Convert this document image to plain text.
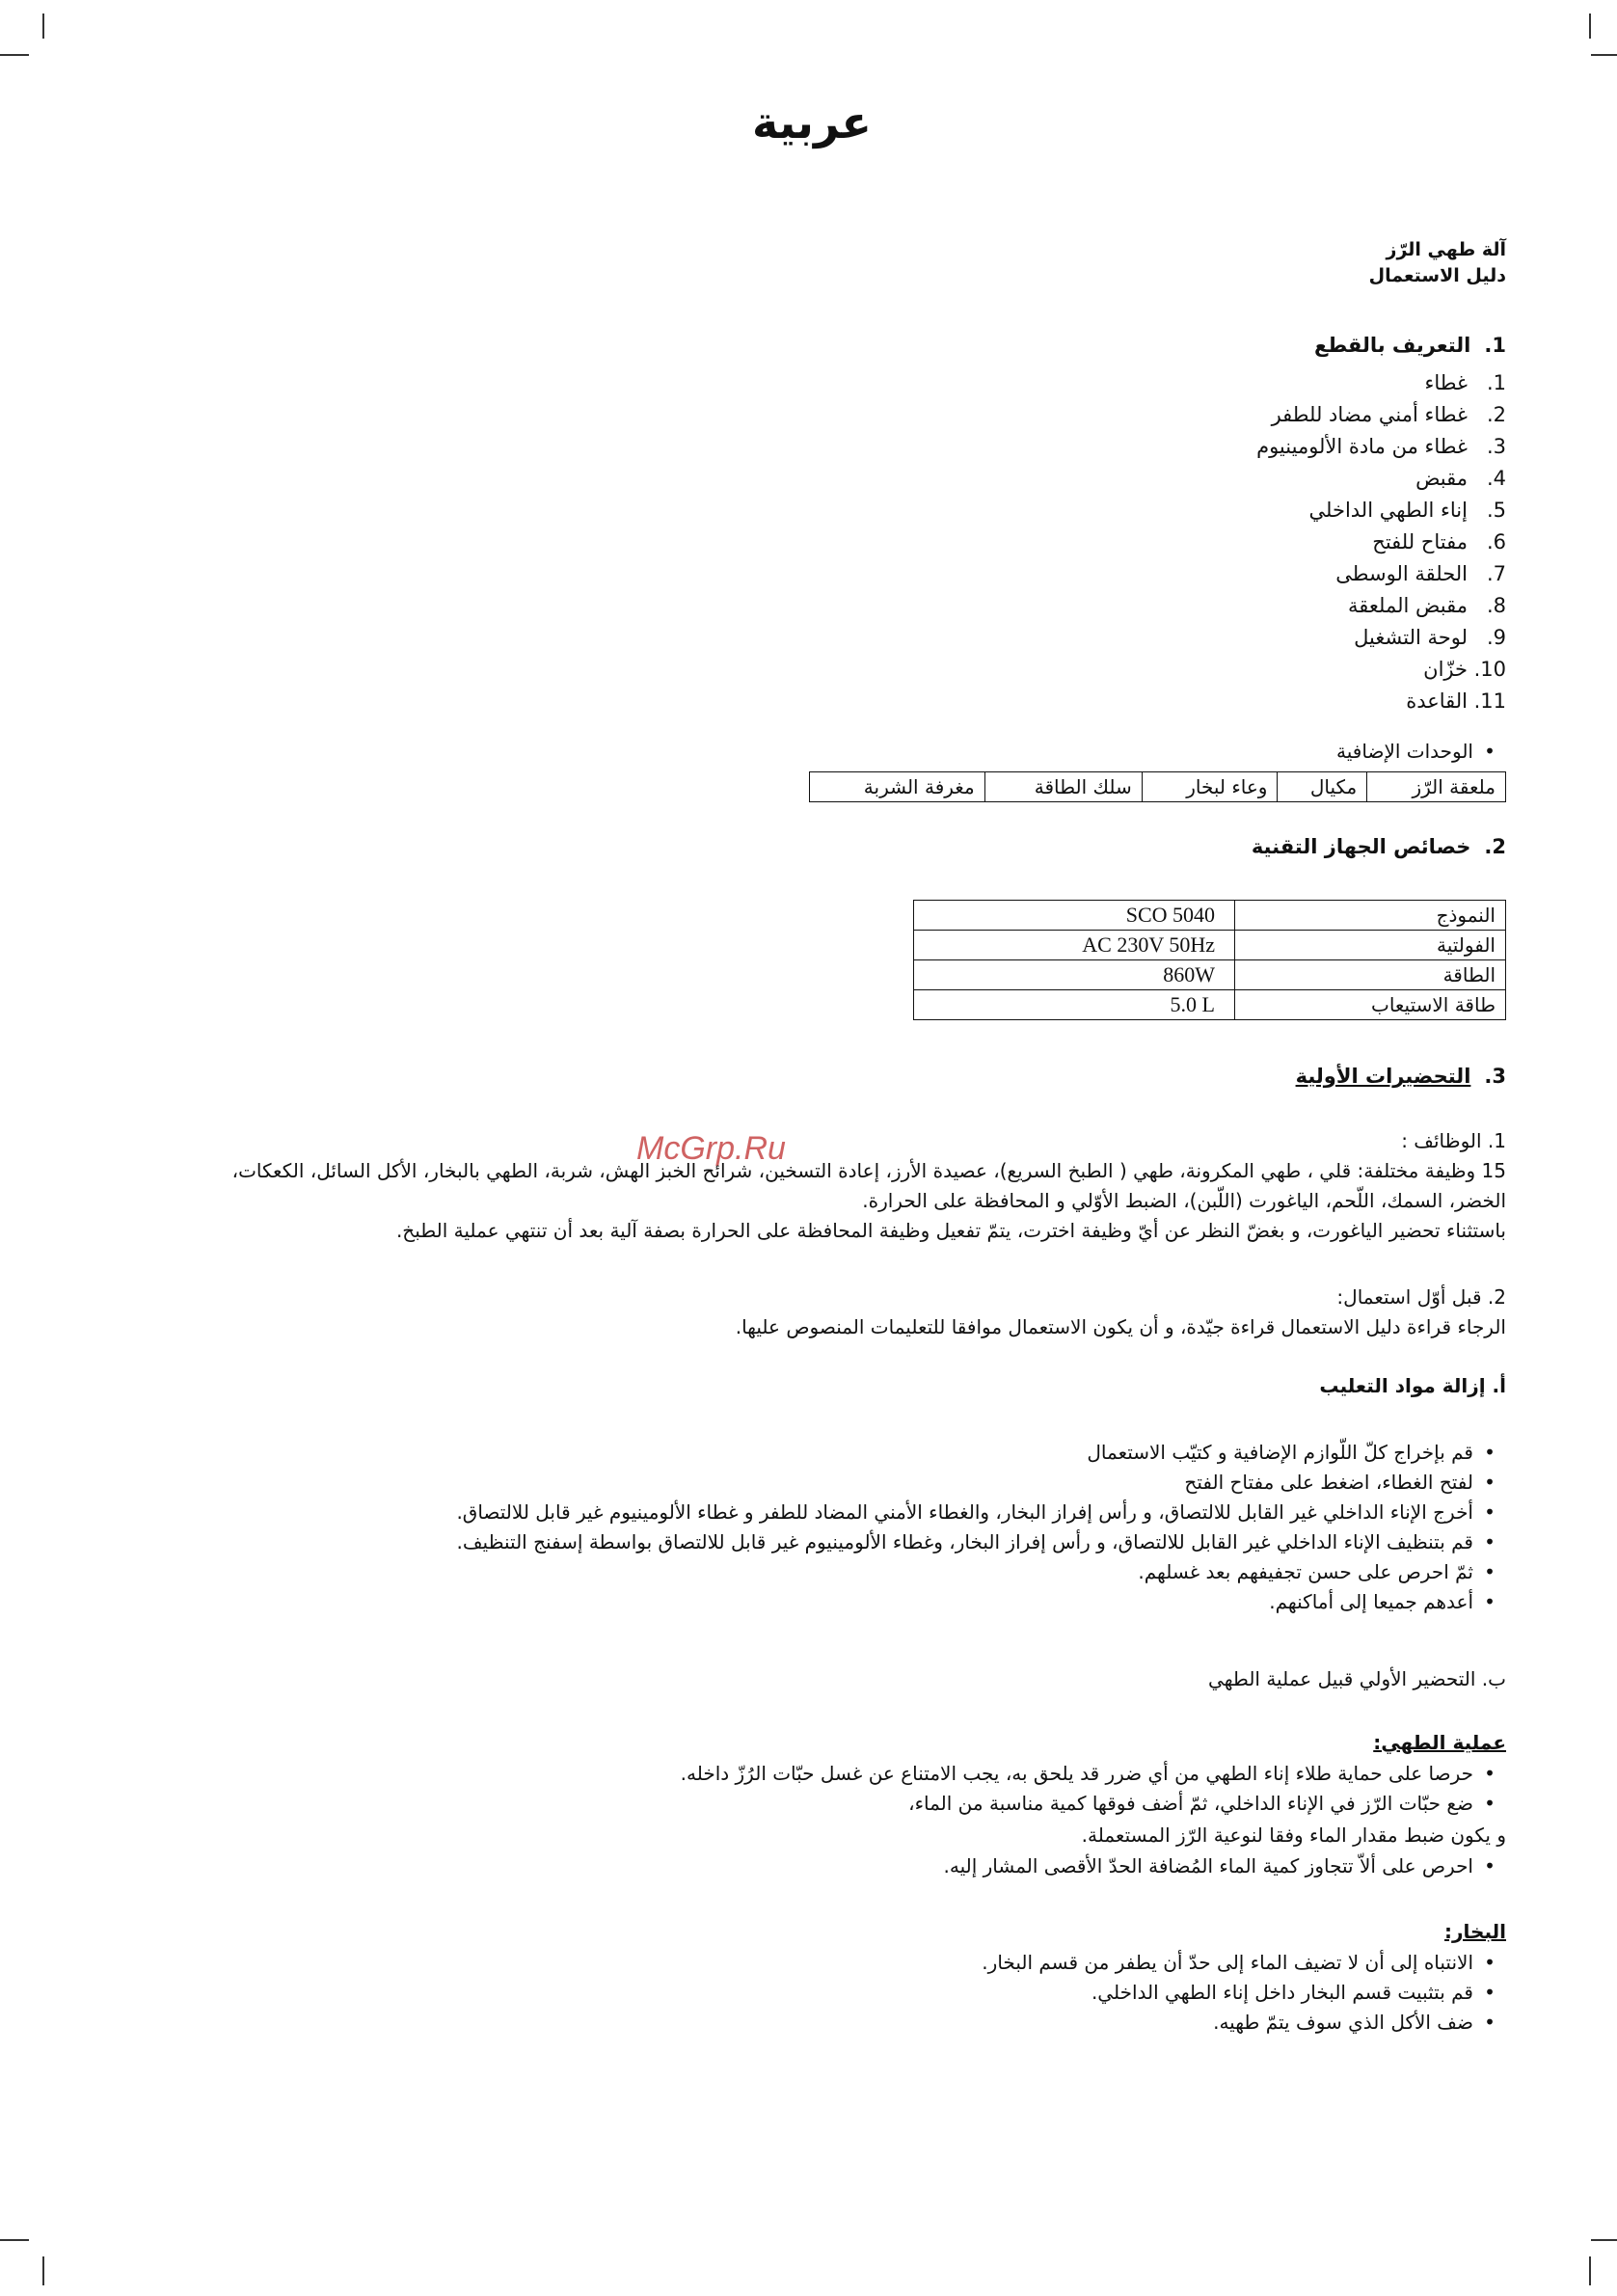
عربية
آلة طهي الرّز
دليل الاستعمال
1.التعريف بالقطع
1.
غطاء
2.
غطاء أمني مضاد للطفر
3.
غطاء من مادة الألومينيوم
4.
مقبض
5.
إناء الطهي الداخلي
6.
مفتاح للفتح
7.
الحلقة الوسطى
8.
مقبض الملعقة
9.
لوحة التشغيل
10.
خزّان
11.
القاعدة
• الوحدات الإضافية
ملعقة الرّز	مكيال	وعاء لبخار	سلك الطاقة	مغرفة الشربة
2.خصائص الجهاز التقنية
النموذج	SCO 5040
الفولتية	AC 230V 50Hz
الطاقة	860W
طاقة الاستيعاب	5.0 L
3.التحضيرات الأولية
McGrp.Ru	1. الوظائف :
15 وظيفة مختلفة: قلي ، طهي المكرونة، طهي ( الطبخ السريع)، عصيدة الأرز، إعادة التسخين، شرائح الخبز الهش، شربة، الطهي بالبخار، الأكل السائل، الكعكات،
الخضر، السمك، اللّحم، الياغورت (اللّبن)، الضبط الأوّلي و المحافظة على الحرارة.
باستثناء تحضير الياغورت، و بغضّ النظر عن أيّ وظيفة اخترت، يتمّ تفعيل وظيفة المحافظة على الحرارة بصفة آلية بعد أن تنتهي عملية الطبخ.
2. قبل أوّل استعمال:
الرجاء قراءة دليل الاستعمال قراءة جيّدة، و أن يكون الاستعمال موافقا للتعليمات المنصوص عليها.
أ. إزالة مواد التعليب
• قم بإخراج كلّ اللّوازم الإضافية و كتيّب الاستعمال
• لفتح الغطاء، اضغط على مفتاح الفتح
• أخرج الإناء الداخلي غير القابل للالتصاق، و رأس إفراز البخار، والغطاء الأمني المضاد للطفر و غطاء الألومينيوم غير قابل للالتصاق.
• قم بتنظيف الإناء الداخلي غير القابل للالتصاق، و رأس إفراز البخار، وغطاء الألومينيوم غير قابل للالتصاق بواسطة إسفنج التنظيف.
• ثمّ احرص على حسن تجفيفهم بعد غسلهم.
• أعدهم جميعا إلى أماكنهم.
ب. التحضير الأولي قبيل عملية الطهي
عملية الطهي:
• حرصا على حماية طلاء إناء الطهي من أي ضرر قد يلحق به، يجب الامتناع عن غسل حبّات الرُزّ داخله.
• ضع حبّات الرّز في الإناء الداخلي، ثمّ أضف فوقها كمية مناسبة من الماء،
و يكون ضبط مقدار الماء وفقا لنوعية الرّز المستعملة.
• احرص على ألاّ تتجاوز كمية الماء المُضافة الحدّ الأقصى المشار إليه.
البخار:
• الانتباه إلى أن لا تضيف الماء إلى حدّ أن يطفر من قسم البخار.
• قم بتثبيت قسم البخار داخل إناء الطهي الداخلي.
• ضف الأكل الذي سوف يتمّ طهيه.
